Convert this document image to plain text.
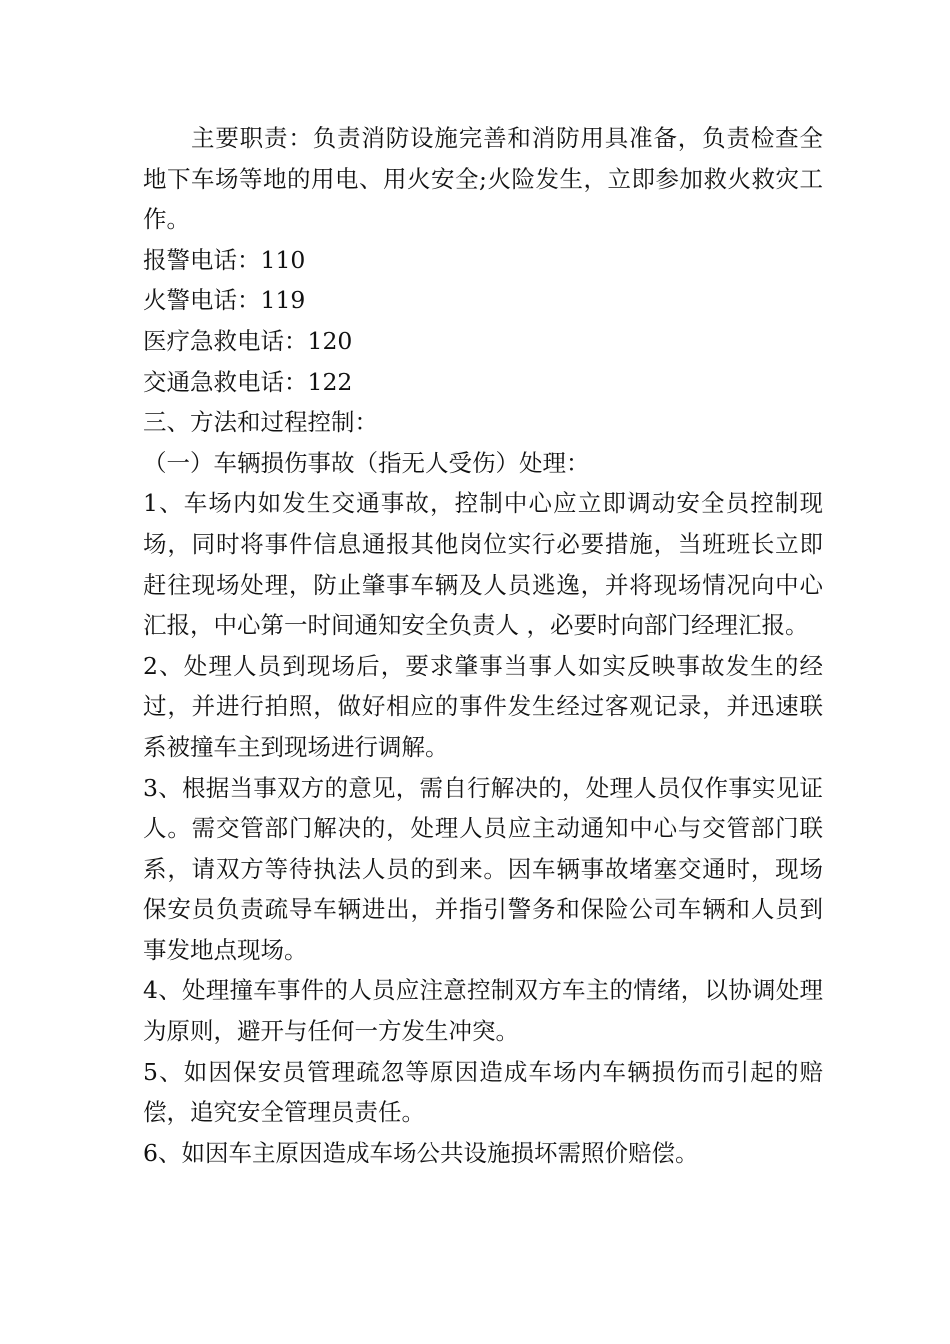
主要职责：负责消防设施完善和消防用具准备，负责检查全地下车场等地的用电、用火安全;火险发生，立即参加救火救灾工作。

报警电话：110

火警电话：119

医疗急救电话：120

交通急救电话：122

三、方法和过程控制：

（一）车辆损伤事故（指无人受伤）处理：

1、车场内如发生交通事故，控制中心应立即调动安全员控制现场，同时将事件信息通报其他岗位实行必要措施，当班班长立即赶往现场处理，防止肇事车辆及人员逃逸，并将现场情况向中心汇报，中心第一时间通知安全负责人 ，必要时向部门经理汇报。

2、处理人员到现场后，要求肇事当事人如实反映事故发生的经过，并进行拍照，做好相应的事件发生经过客观记录，并迅速联系被撞车主到现场进行调解。

3、根据当事双方的意见，需自行解决的，处理人员仅作事实见证人。需交管部门解决的，处理人员应主动通知中心与交管部门联系，请双方等待执法人员的到来。因车辆事故堵塞交通时，现场保安员负责疏导车辆进出，并指引警务和保险公司车辆和人员到事发地点现场。

4、处理撞车事件的人员应注意控制双方车主的情绪，以协调处理为原则，避开与任何一方发生冲突。

5、如因保安员管理疏忽等原因造成车场内车辆损伤而引起的赔偿，追究安全管理员责任。

6、如因车主原因造成车场公共设施损坏需照价赔偿。
